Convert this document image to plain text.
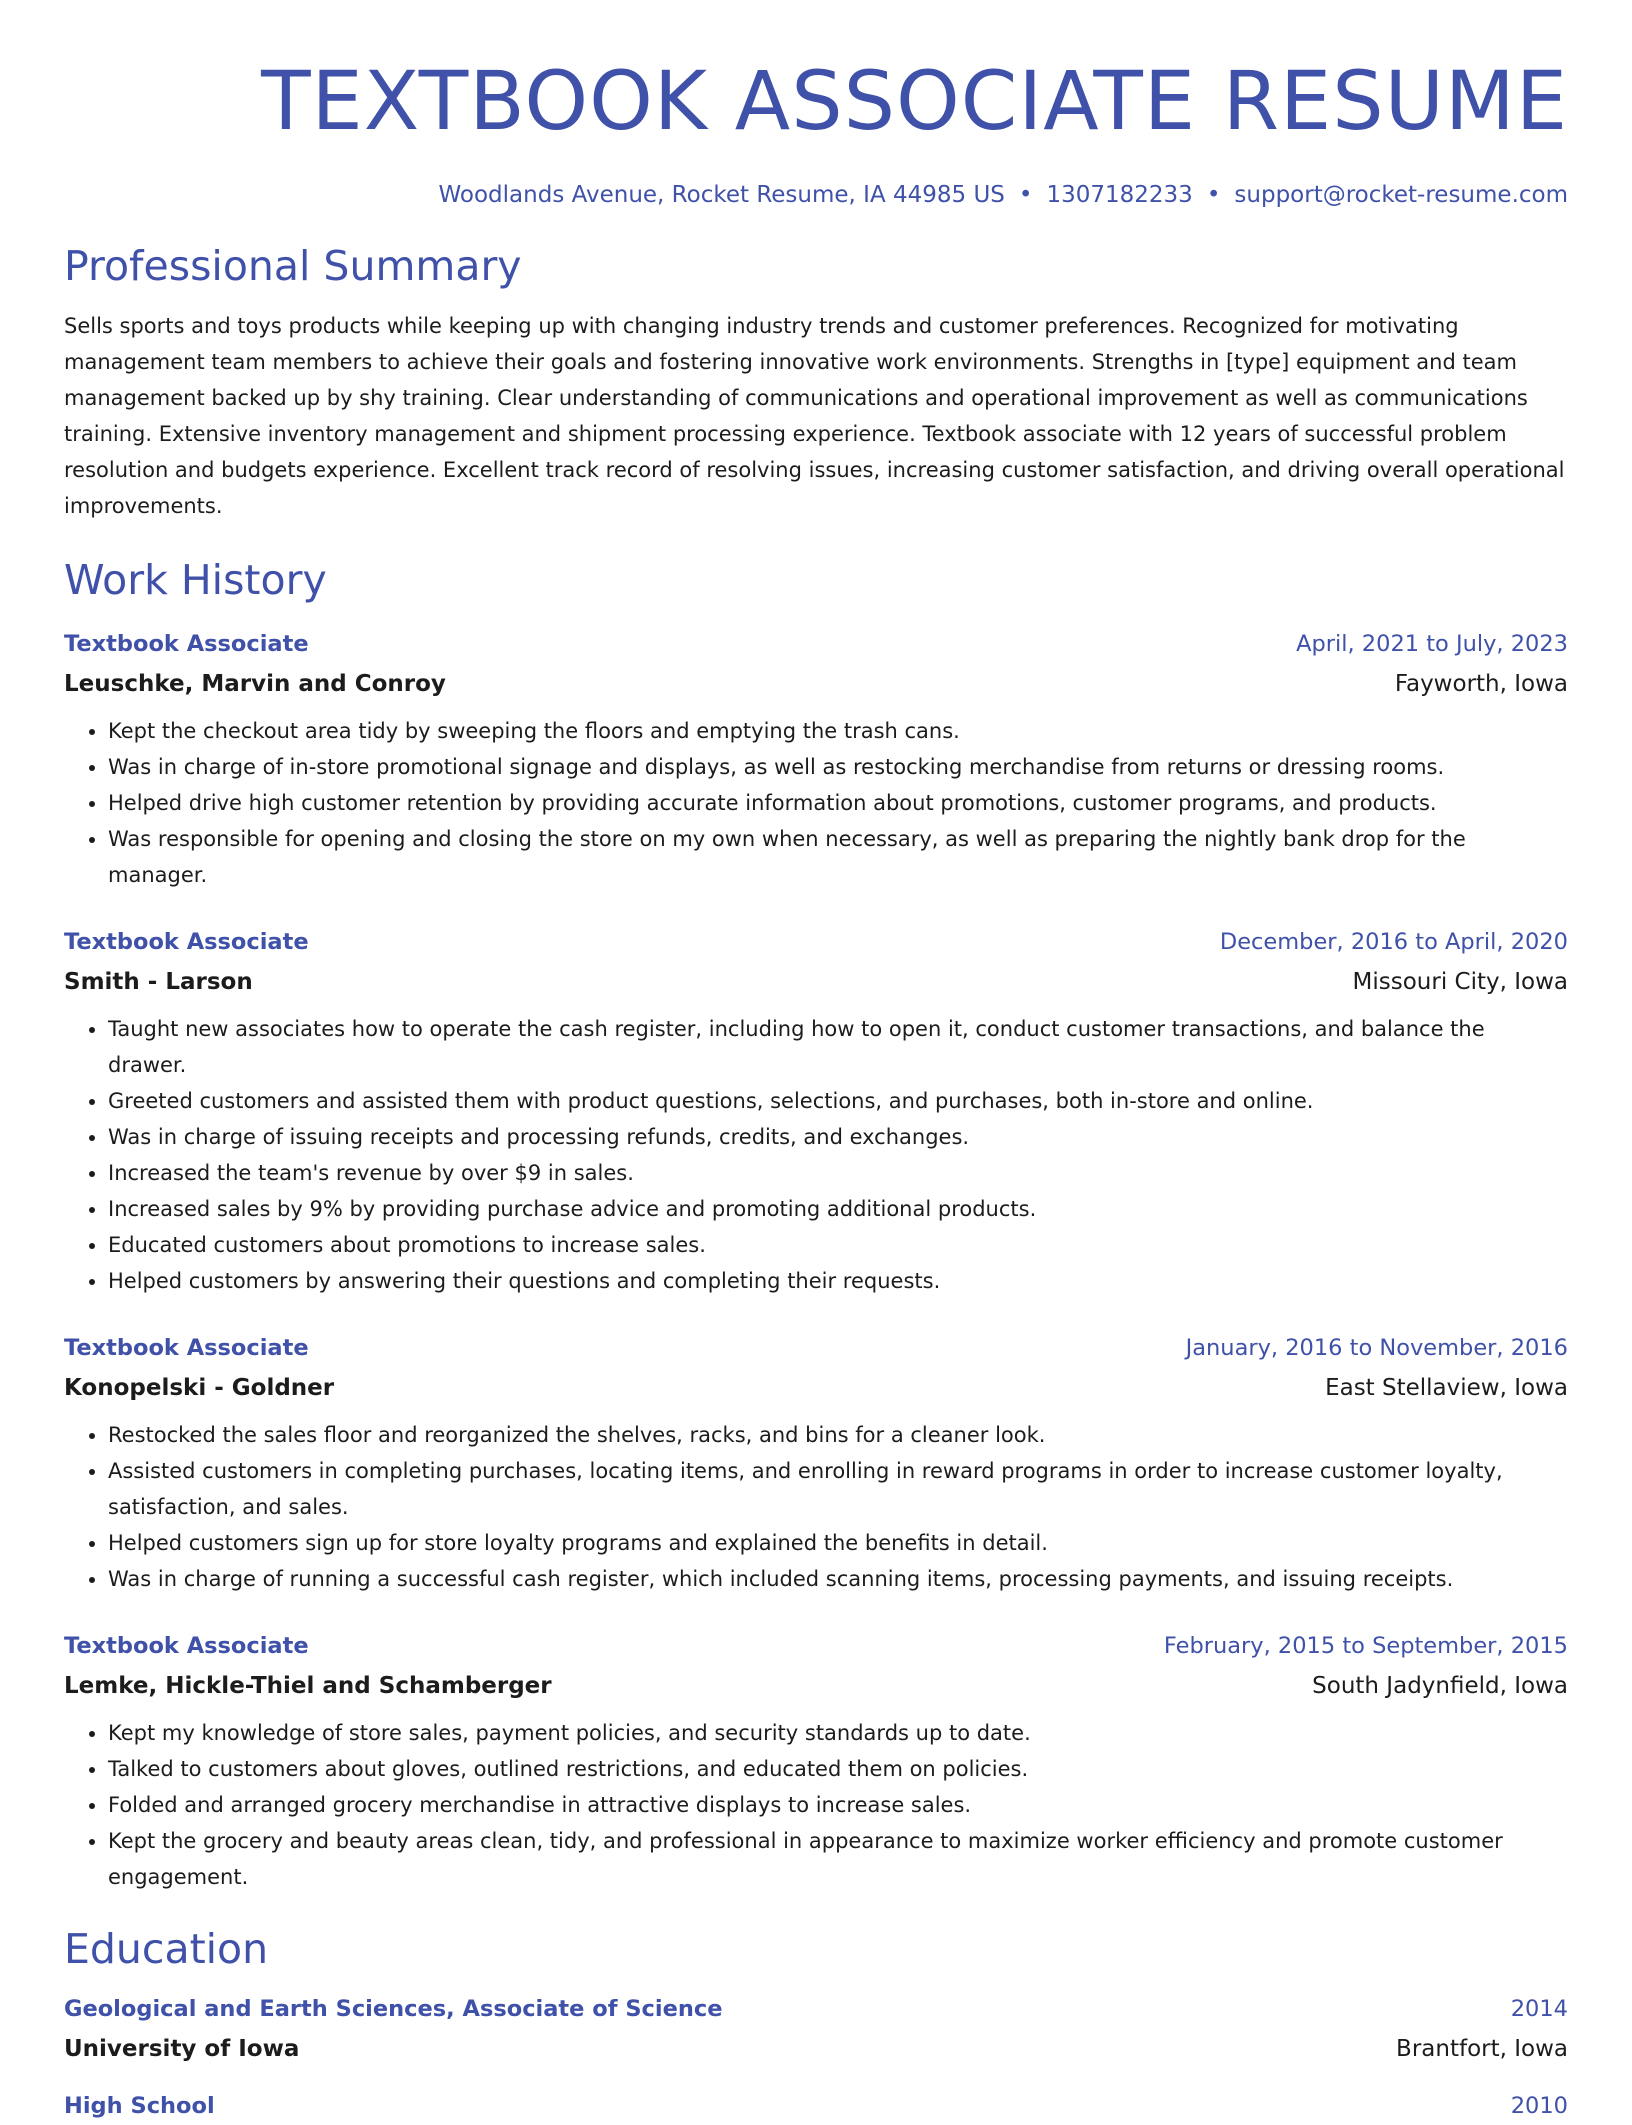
TEXTBOOK ASSOCIATE RESUME
Woodlands Avenue, Rocket Resume, IA 44985 US • 1307182233 • support@rocket-resume.com
Professional Summary
Sells sports and toys products while keeping up with changing industry trends and customer preferences. Recognized for motivating management team members to achieve their goals and fostering innovative work environments. Strengths in [type] equipment and team management backed up by shy training. Clear understanding of communications and operational improvement as well as communications training. Extensive inventory management and shipment processing experience. Textbook associate with 12 years of successful problem resolution and budgets experience. Excellent track record of resolving issues, increasing customer satisfaction, and driving overall operational improvements.
Work History
Textbook Associate	April, 2021 to July, 2023
Leuschke, Marvin and Conroy	Fayworth, Iowa
• Kept the checkout area tidy by sweeping the floors and emptying the trash cans.
• Was in charge of in-store promotional signage and displays, as well as restocking merchandise from returns or dressing rooms.
• Helped drive high customer retention by providing accurate information about promotions, customer programs, and products.
• Was responsible for opening and closing the store on my own when necessary, as well as preparing the nightly bank drop for the manager.
Textbook Associate	December, 2016 to April, 2020
Smith - Larson	Missouri City, Iowa
• Taught new associates how to operate the cash register, including how to open it, conduct customer transactions, and balance the drawer.
• Greeted customers and assisted them with product questions, selections, and purchases, both in-store and online.
• Was in charge of issuing receipts and processing refunds, credits, and exchanges.
• Increased the team's revenue by over $9 in sales.
• Increased sales by 9% by providing purchase advice and promoting additional products.
• Educated customers about promotions to increase sales.
• Helped customers by answering their questions and completing their requests.
Textbook Associate	January, 2016 to November, 2016
Konopelski - Goldner	East Stellaview, Iowa
• Restocked the sales floor and reorganized the shelves, racks, and bins for a cleaner look.
• Assisted customers in completing purchases, locating items, and enrolling in reward programs in order to increase customer loyalty, satisfaction, and sales.
• Helped customers sign up for store loyalty programs and explained the benefits in detail.
• Was in charge of running a successful cash register, which included scanning items, processing payments, and issuing receipts.
Textbook Associate	February, 2015 to September, 2015
Lemke, Hickle-Thiel and Schamberger	South Jadynfield, Iowa
• Kept my knowledge of store sales, payment policies, and security standards up to date.
• Talked to customers about gloves, outlined restrictions, and educated them on policies.
• Folded and arranged grocery merchandise in attractive displays to increase sales.
• Kept the grocery and beauty areas clean, tidy, and professional in appearance to maximize worker efficiency and promote customer engagement.
Education
Geological and Earth Sciences, Associate of Science	2014
University of Iowa	Brantfort, Iowa
High School	2010
